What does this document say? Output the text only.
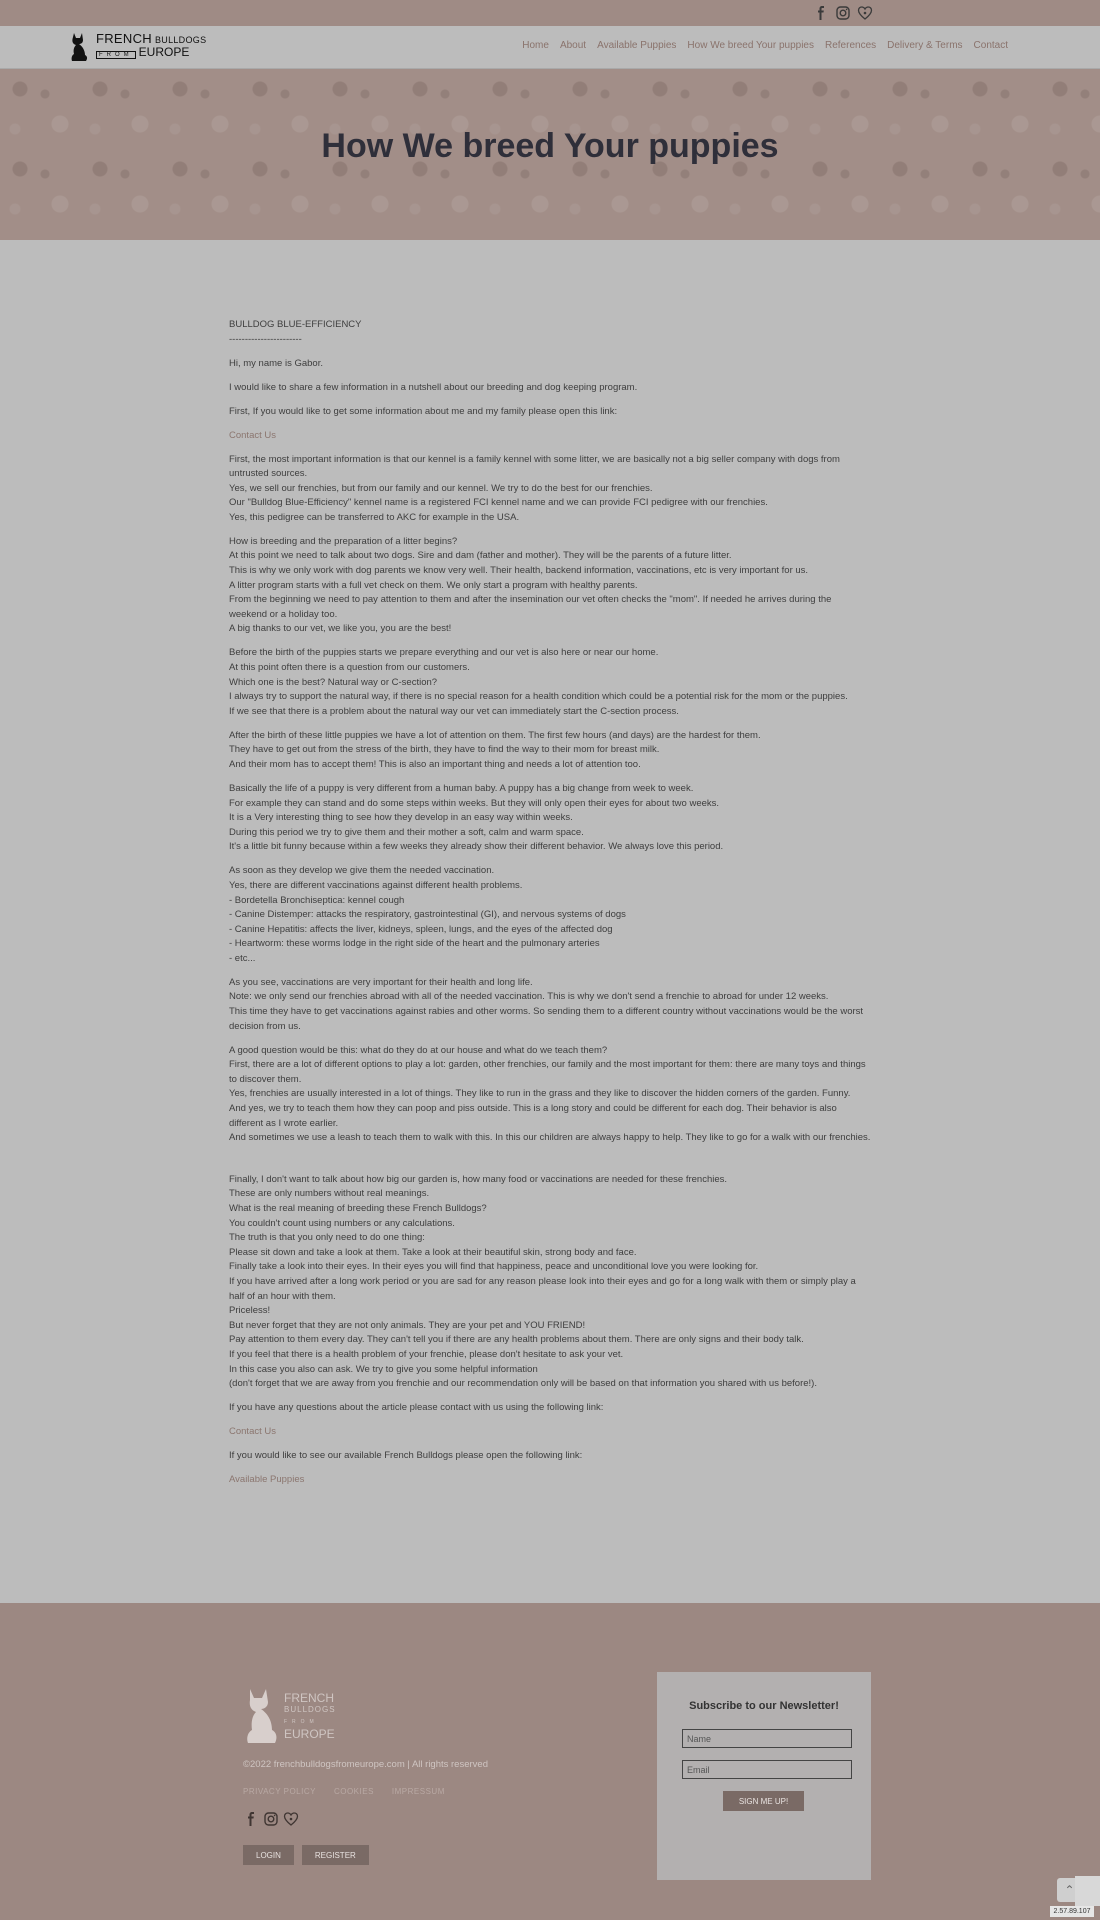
FRENCH BULLDOGS
FROM EUROPE	Home About Available Puppies How We breed Your puppies References Delivery & Terms Contact
How We breed Your puppies

BULLDOG BLUE-EFFICIENCY
-----------------------

Hi, my name is Gabor.

I would like to share a few information in a nutshell about our breeding and dog keeping program.

First, If you would like to get some information about me and my family please open this link:

Contact Us

First, the most important information is that our kennel is a family kennel with some litter, we are basically not a big seller company with dogs from untrusted sources.
Yes, we sell our frenchies, but from our family and our kennel. We try to do the best for our frenchies.
Our "Bulldog Blue-Efficiency" kennel name is a registered FCI kennel name and we can provide FCI pedigree with our frenchies.
Yes, this pedigree can be transferred to AKC for example in the USA.

How is breeding and the preparation of a litter begins?
At this point we need to talk about two dogs. Sire and dam (father and mother). They will be the parents of a future litter.
This is why we only work with dog parents we know very well. Their health, backend information, vaccinations, etc is very important for us.
A litter program starts with a full vet check on them. We only start a program with healthy parents.
From the beginning we need to pay attention to them and after the insemination our vet often checks the "mom". If needed he arrives during the weekend or a holiday too.
A big thanks to our vet, we like you, you are the best!

Before the birth of the puppies starts we prepare everything and our vet is also here or near our home.
At this point often there is a question from our customers.
Which one is the best? Natural way or C-section?
I always try to support the natural way, if there is no special reason for a health condition which could be a potential risk for the mom or the puppies.
If we see that there is a problem about the natural way our vet can immediately start the C-section process.

After the birth of these little puppies we have a lot of attention on them. The first few hours (and days) are the hardest for them.
They have to get out from the stress of the birth, they have to find the way to their mom for breast milk.
And their mom has to accept them! This is also an important thing and needs a lot of attention too.

Basically the life of a puppy is very different from a human baby. A puppy has a big change from week to week.
For example they can stand and do some steps within weeks. But they will only open their eyes for about two weeks.
It is a Very interesting thing to see how they develop in an easy way within weeks.
During this period we try to give them and their mother a soft, calm and warm space.
It's a little bit funny because within a few weeks they already show their different behavior. We always love this period.

As soon as they develop we give them the needed vaccination.
Yes, there are different vaccinations against different health problems.
- Bordetella Bronchiseptica: kennel cough
- Canine Distemper: attacks the respiratory, gastrointestinal (GI), and nervous systems of dogs
- Canine Hepatitis: affects the liver, kidneys, spleen, lungs, and the eyes of the affected dog
- Heartworm: these worms lodge in the right side of the heart and the pulmonary arteries
- etc...

As you see, vaccinations are very important for their health and long life.
Note: we only send our frenchies abroad with all of the needed vaccination. This is why we don't send a frenchie to abroad for under 12 weeks.
This time they have to get vaccinations against rabies and other worms. So sending them to a different country without vaccinations would be the worst decision from us.

A good question would be this: what do they do at our house and what do we teach them?
First, there are a lot of different options to play a lot: garden, other frenchies, our family and the most important for them: there are many toys and things to discover them.
Yes, frenchies are usually interested in a lot of things. They like to run in the grass and they like to discover the hidden corners of the garden. Funny.
And yes, we try to teach them how they can poop and piss outside. This is a long story and could be different for each dog. Their behavior is also different as I wrote earlier.
And sometimes we use a leash to teach them to walk with this. In this our children are always happy to help. They like to go for a walk with our frenchies.

Finally, I don't want to talk about how big our garden is, how many food or vaccinations are needed for these frenchies.
These are only numbers without real meanings.
What is the real meaning of breeding these French Bulldogs?
You couldn't count using numbers or any calculations.
The truth is that you only need to do one thing:
Please sit down and take a look at them. Take a look at their beautiful skin, strong body and face.
Finally take a look into their eyes. In their eyes you will find that happiness, peace and unconditional love you were looking for.
If you have arrived after a long work period or you are sad for any reason please look into their eyes and go for a long walk with them or simply play a half of an hour with them.
Priceless!
But never forget that they are not only animals. They are your pet and YOU FRIEND!
Pay attention to them every day. They can't tell you if there are any health problems about them. There are only signs and their body talk.
If you feel that there is a health problem of your frenchie, please don't hesitate to ask your vet.
In this case you also can ask. We try to give you some helpful information
(don't forget that we are away from you frenchie and our recommendation only will be based on that information you shared with us before!).

If you have any questions about the article please contact with us using the following link:

Contact Us

If you would like to see our available French Bulldogs please open the following link:

Available Puppies

FRENCH
BULLDOGS
FROM
EUROPE
©2022 frenchbulldogsfromeurope.com | All rights reserved
PRIVACY POLICY COOKIES IMPRESSUM
LOGIN	REGISTER
Subscribe to our Newsletter!
Name
Email
SIGN ME UP!
⌃
2.57.89.107
